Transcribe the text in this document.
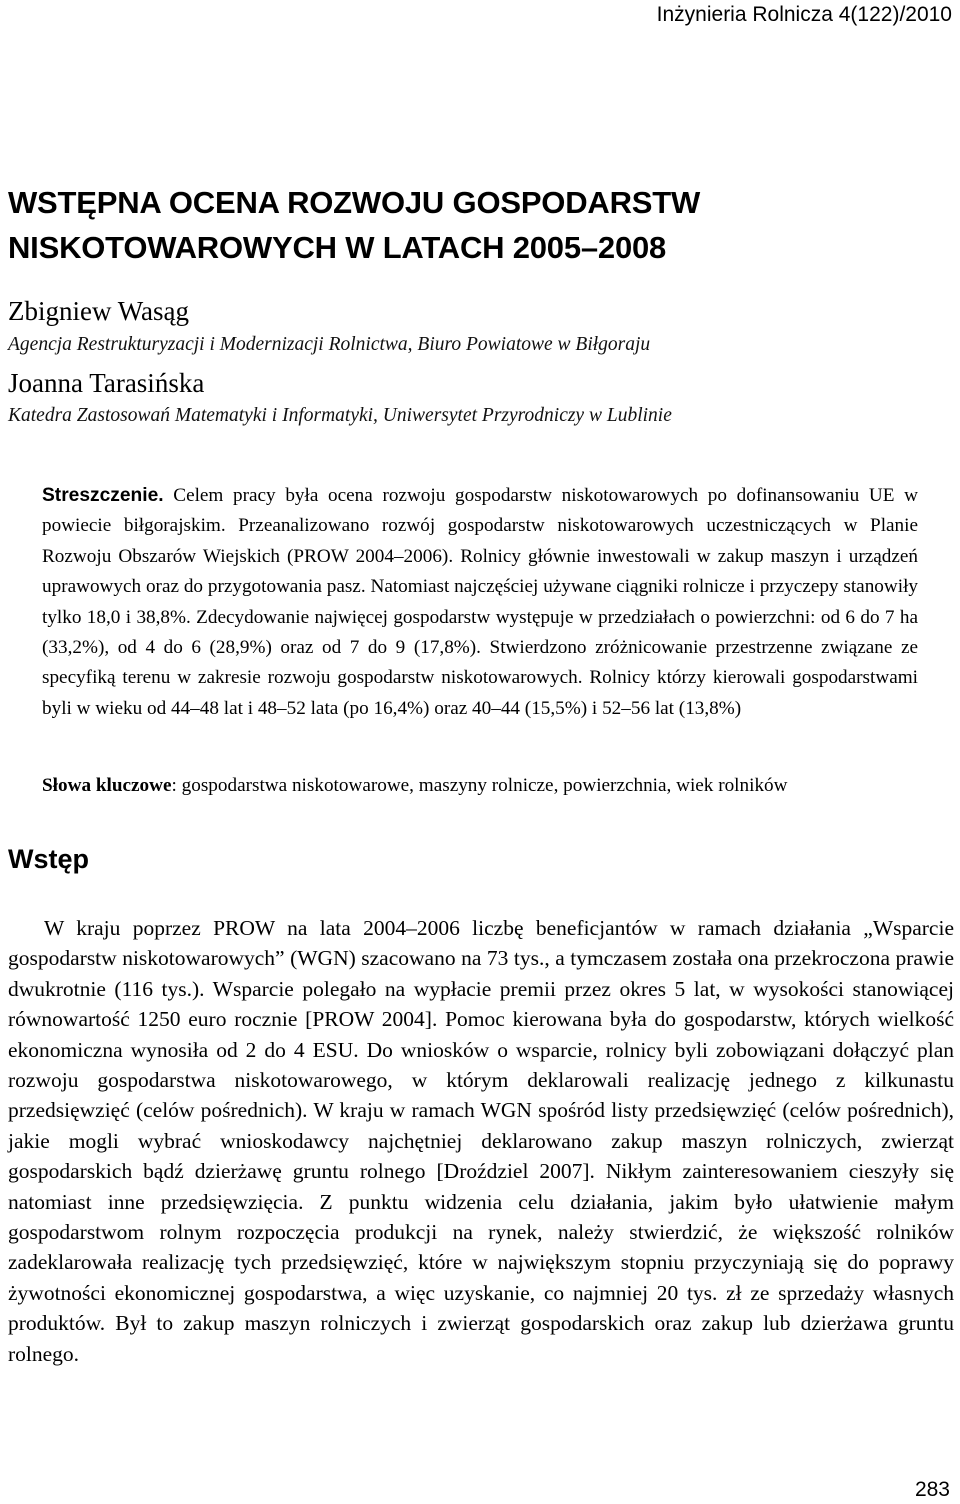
Inżynieria Rolnicza 4(122)/2010
WSTĘPNA OCENA ROZWOJU GOSPODARSTW
NISKOTOWAROWYCH W LATACH 2005–2008
Zbigniew Wasąg
Agencja Restrukturyzacji i Modernizacji Rolnictwa, Biuro Powiatowe w Biłgoraju
Joanna Tarasińska
Katedra Zastosowań Matematyki i Informatyki, Uniwersytet Przyrodniczy w Lublinie

Streszczenie. Celem pracy była ocena rozwoju gospodarstw niskotowarowych po dofinansowaniu UE w powiecie biłgorajskim. Przeanalizowano rozwój gospodarstw niskotowarowych uczestniczących w Planie Rozwoju Obszarów Wiejskich (PROW 2004–2006). Rolnicy głównie inwestowali w zakup maszyn i urządzeń uprawowych oraz do przygotowania pasz. Natomiast najczęściej używane ciągniki rolnicze i przyczepy stanowiły tylko 18,0 i 38,8%. Zdecydowanie najwięcej gospodarstw występuje w przedziałach o powierzchni: od 6 do 7 ha (33,2%), od 4 do 6 (28,9%) oraz od 7 do 9 (17,8%). Stwierdzono zróżnicowanie przestrzenne związane ze specyfiką terenu w zakresie rozwoju gospodarstw niskotowarowych. Rolnicy którzy kierowali gospodarstwami byli w wieku od 44–48 lat i 48–52 lata (po 16,4%) oraz 40–44 (15,5%) i 52–56 lat (13,8%)

Słowa kluczowe: gospodarstwa niskotowarowe, maszyny rolnicze, powierzchnia, wiek rolników

Wstęp

W kraju poprzez PROW na lata 2004–2006 liczbę beneficjantów w ramach działania „Wsparcie gospodarstw niskotowarowych” (WGN) szacowano na 73 tys., a tymczasem została ona przekroczona prawie dwukrotnie (116 tys.). Wsparcie polegało na wypłacie premii przez okres 5 lat, w wysokości stanowiącej równowartość 1250 euro rocznie [PROW 2004]. Pomoc kierowana była do gospodarstw, których wielkość ekonomiczna wynosiła od 2 do 4 ESU. Do wniosków o wsparcie, rolnicy byli zobowiązani dołączyć plan rozwoju gospodarstwa niskotowarowego, w którym deklarowali realizację jednego z kilkunastu przedsięwzięć (celów pośrednich). W kraju w ramach WGN spośród listy przedsięwzięć (celów pośrednich), jakie mogli wybrać wnioskodawcy najchętniej deklarowano zakup maszyn rolniczych, zwierząt gospodarskich bądź dzierżawę gruntu rolnego [Droździel 2007]. Nikłym zainteresowaniem cieszyły się natomiast inne przedsięwzięcia. Z punktu widzenia celu działania, jakim było ułatwienie małym gospodarstwom rolnym rozpoczęcia produkcji na rynek, należy stwierdzić, że większość rolników zadeklarowała realizację tych przedsięwzięć, które w największym stopniu przyczyniają się do poprawy żywotności ekonomicznej gospodarstwa, a więc uzyskanie, co najmniej 20 tys. zł ze sprzedaży własnych produktów. Był to zakup maszyn rolniczych i zwierząt gospodarskich oraz zakup lub dzierżawa gruntu rolnego.

283
